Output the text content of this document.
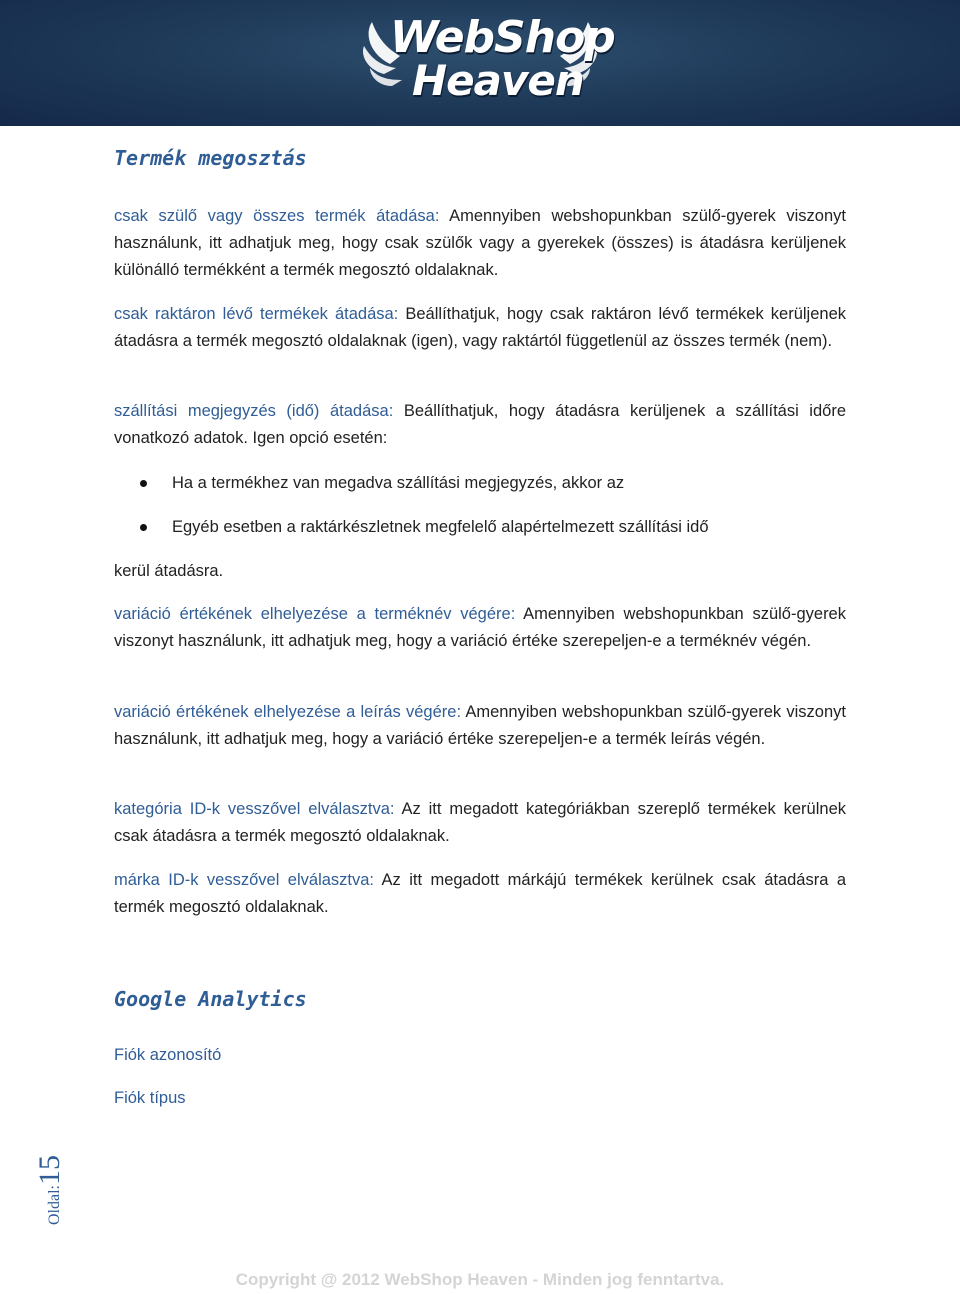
WebShop
Heaven
Termék megosztás

csak szülő vagy összes termék átadása: Amennyiben webshopunkban szülő-gyerek viszonyt használunk, itt adhatjuk meg, hogy csak szülők vagy a gyerekek (összes) is átadásra kerüljenek különálló termékként a termék megosztó oldalaknak.

csak raktáron lévő termékek átadása: Beállíthatjuk, hogy csak raktáron lévő termékek kerüljenek átadásra a termék megosztó oldalaknak (igen), vagy raktártól függetlenül az összes termék (nem).

szállítási megjegyzés (idő) átadása: Beállíthatjuk, hogy átadásra kerüljenek a szállítási időre vonatkozó adatok. Igen opció esetén:

Ha a termékhez van megadva szállítási megjegyzés, akkor az
Egyéb esetben a raktárkészletnek megfelelő alapértelmezett szállítási idő

kerül átadásra.

variáció értékének elhelyezése a terméknév végére: Amennyiben webshopunkban szülő-gyerek viszonyt használunk, itt adhatjuk meg, hogy a variáció értéke szerepeljen-e a terméknév végén.

variáció értékének elhelyezése a leírás végére: Amennyiben webshopunkban szülő-gyerek viszonyt használunk, itt adhatjuk meg, hogy a variáció értéke szerepeljen-e a termék leírás végén.

kategória ID-k vesszővel elválasztva: Az itt megadott kategóriákban szereplő termékek kerülnek csak átadásra a termék megosztó oldalaknak.

márka ID-k vesszővel elválasztva: Az itt megadott márkájú termékek kerülnek csak átadásra a termék megosztó oldalaknak.

Google Analytics

Fiók azonosító

Fiók típus

Oldal:15
Copyright @ 2012 WebShop Heaven - Minden jog fenntartva.
